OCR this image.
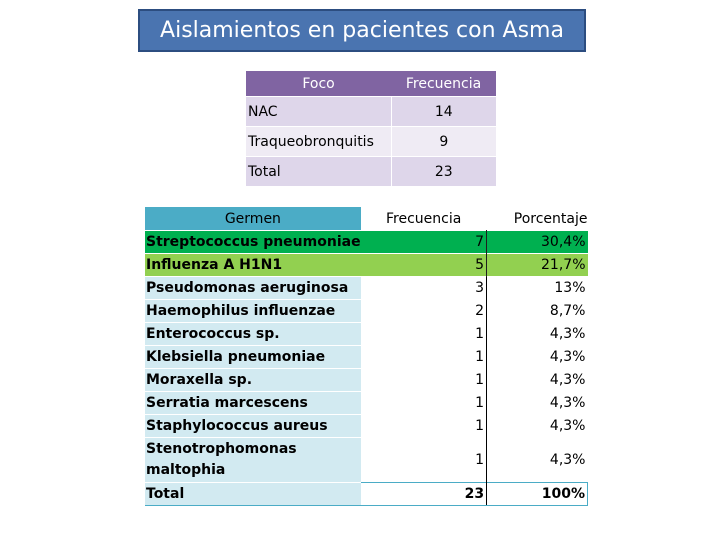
Aislamientos en pacientes con Asma
Foco	Frecuencia
NAC	14
Traqueobronquitis	9
Total	23
Germen	Frecuencia	Porcentaje
Streptococcus pneumoniae	7	30,4%
Influenza A H1N1	5	21,7%
Pseudomonas aeruginosa	3	13%
Haemophilus influenzae	2	8,7%
Enterococcus sp.	1	4,3%
Klebsiella pneumoniae	1	4,3%
Moraxella sp.	1	4,3%
Serratia marcescens	1	4,3%
Staphylococcus aureus	1	4,3%
Stenotrophomonas maltophia	1	4,3%
Total	23	100%
